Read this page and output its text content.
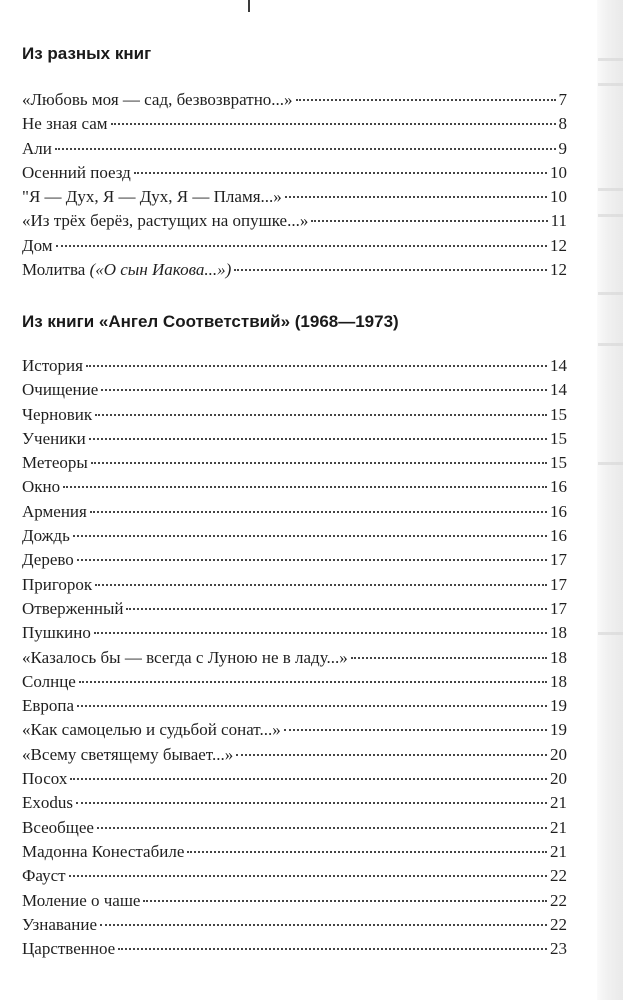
Из разных книг
«Любовь моя — сад, безвозвратно...»	7
Не зная сам	8
Али	9
Осенний поезд	10
"Я — Дух, Я — Дух, Я — Пламя...»	10
«Из трёх берёз, растущих на опушке...»	11
Дом	12
Молитва («О сын Иакова...»)	12
Из книги «Ангел Соответствий» (1968—1973)
История	14
Очищение	14
Черновик	15
Ученики	15
Метеоры	15
Окно	16
Армения	16
Дождь	16
Дерево	17
Пригорок	17
Отверженный	17
Пушкино	18
«Казалось бы — всегда с Луною не в ладу...»	18
Солнце	18
Европа	19
«Как самоцелью и судьбой сонат...»	19
«Всему светящему бывает...»	20
Посох	20
Exodus	21
Всеобщее	21
Мадонна Конестабиле	21
Фауст	22
Моление о чаше	22
Узнавание	22
Царственное	23
